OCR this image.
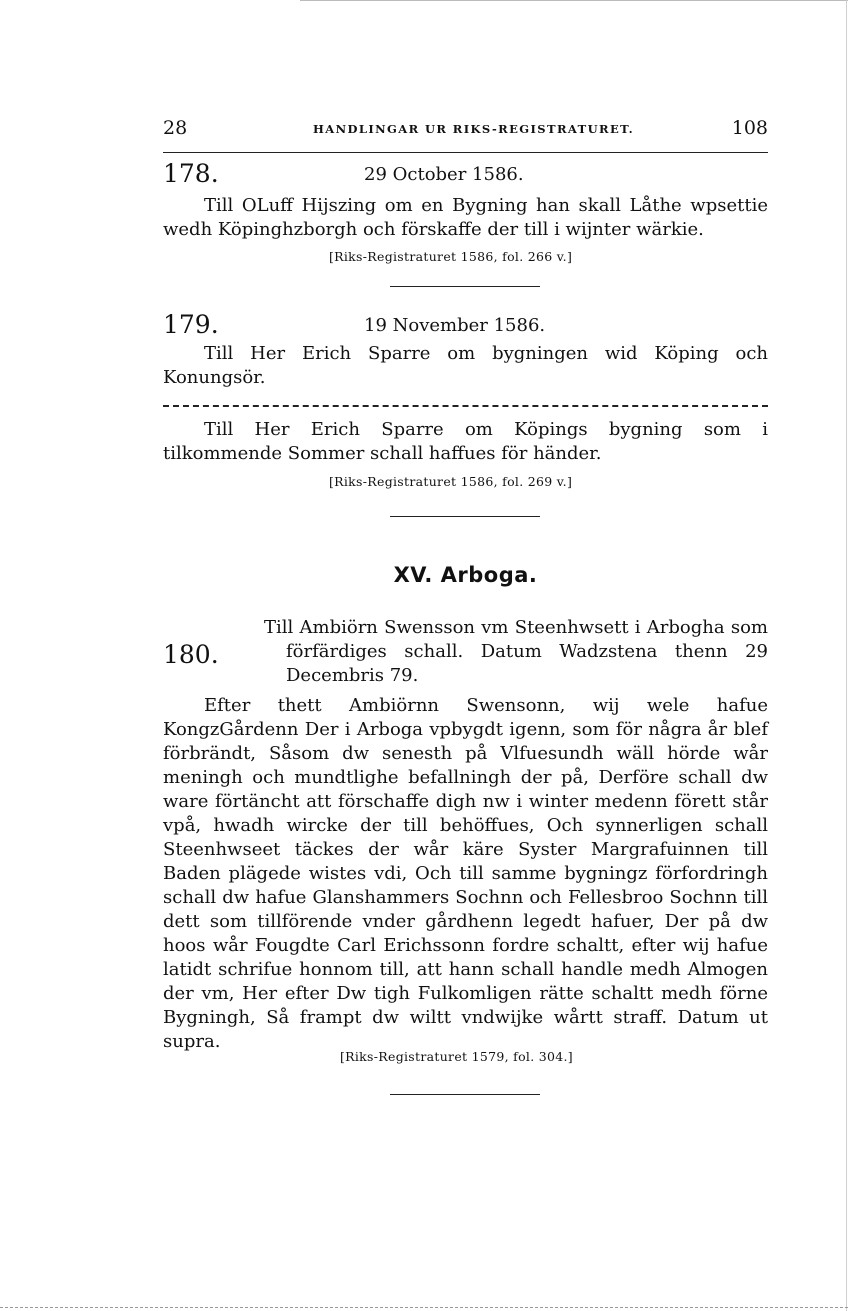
28	HANDLINGAR UR RIKS-REGISTRATURET.	108
178.	29 October 1586.

Till OLuff Hijszing om en Bygning han skall Låthe wpsettie wedh Köpinghzborgh och förskaffe der till i wijnter wärkie.

[Riks-Registraturet 1586, fol. 266 v.]
179.	19 November 1586.

Till Her Erich Sparre om bygningen wid Köping och Konungsör.

Till Her Erich Sparre om Köpings bygning som i tilkommende Sommer schall haffues för händer.

[Riks-Registraturet 1586, fol. 269 v.]
XV. Arboga.
180.

Till Ambiörn Swensson vm Steenhwsett i Arbogha som förfärdiges schall. Datum Wadzstena thenn 29 Decembris 79.

Efter thett Ambiörnn Swensonn, wij wele hafue KongzGårdenn Der i Arboga vpbygdt igenn, som för några år blef förbrändt, Såsom dw senesth på Vlfuesundh wäll hörde wår meningh och mundtlighe befallningh der på, Derföre schall dw ware förtäncht att förschaffe digh nw i winter medenn förett står vpå, hwadh wircke der till behöffues, Och synnerligen schall Steenhwseet täckes der wår käre Syster Margrafuinnen till Baden plägede wistes vdi, Och till samme bygningz förfordringh schall dw hafue Glanshammers Sochnn och Fellesbroo Sochnn till dett som tillförende vnder gårdhenn legedt hafuer, Der på dw hoos wår Fougdte Carl Erichssonn fordre schaltt, efter wij hafue latidt schrifue honnom till, att hann schall handle medh Almogen der vm, Her efter Dw tigh Fulkomligen rätte schaltt medh förne Bygningh, Så frampt dw wiltt vndwijke wårtt straff. Datum ut supra.

[Riks-Registraturet 1579, fol. 304.]
